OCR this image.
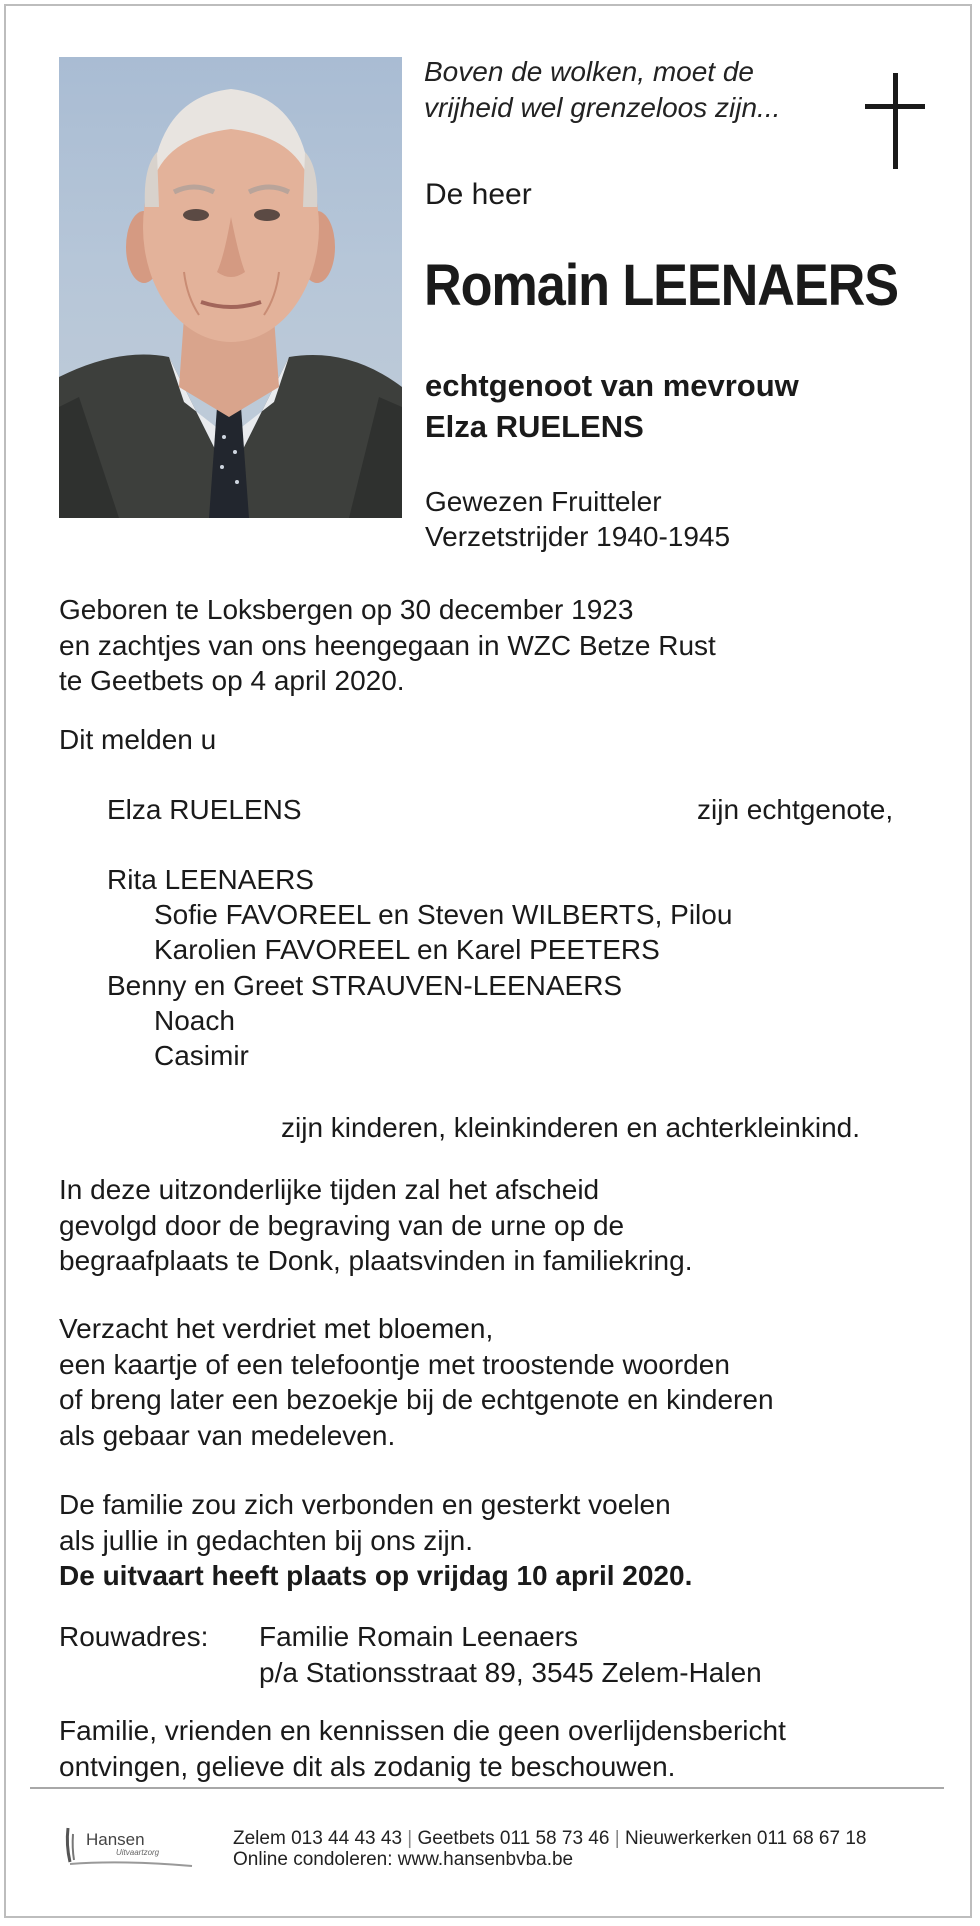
Boven de wolken, moet de
vrijheid wel grenzeloos zijn...
De heer
Romain LEENAERS
echtgenoot van mevrouw
Elza RUELENS
Gewezen Fruitteler
Verzetstrijder 1940-1945
Geboren te Loksbergen op 30 december 1923
en zachtjes van ons heengegaan in WZC Betze Rust
te Geetbets op 4 april 2020.
Dit melden u
Elza RUELENS	zijn echtgenote,
Rita LEENAERS
Sofie FAVOREEL en Steven WILBERTS, Pilou
Karolien FAVOREEL en Karel PEETERS
Benny en Greet STRAUVEN-LEENAERS
Noach
Casimir
zijn kinderen, kleinkinderen en achterkleinkind.
In deze uitzonderlijke tijden zal het afscheid
gevolgd door de begraving van de urne op de
begraafplaats te Donk, plaatsvinden in familiekring.
Verzacht het verdriet met bloemen,
een kaartje of een telefoontje met troostende woorden
of breng later een bezoekje bij de echtgenote en kinderen
als gebaar van medeleven.
De familie zou zich verbonden en gesterkt voelen
als jullie in gedachten bij ons zijn.
De uitvaart heeft plaats op vrijdag 10 april 2020.
Rouwadres: Familie Romain Leenaers
p/a Stationsstraat 89, 3545 Zelem-Halen
Familie, vrienden en kennissen die geen overlijdensbericht
ontvingen, gelieve dit als zodanig te beschouwen.
Hansen
Uitvaartzorg
Zelem 013 44 43 43 | Geetbets 011 58 73 46 | Nieuwerkerken 011 68 67 18
Online condoleren: www.hansenbvba.be
